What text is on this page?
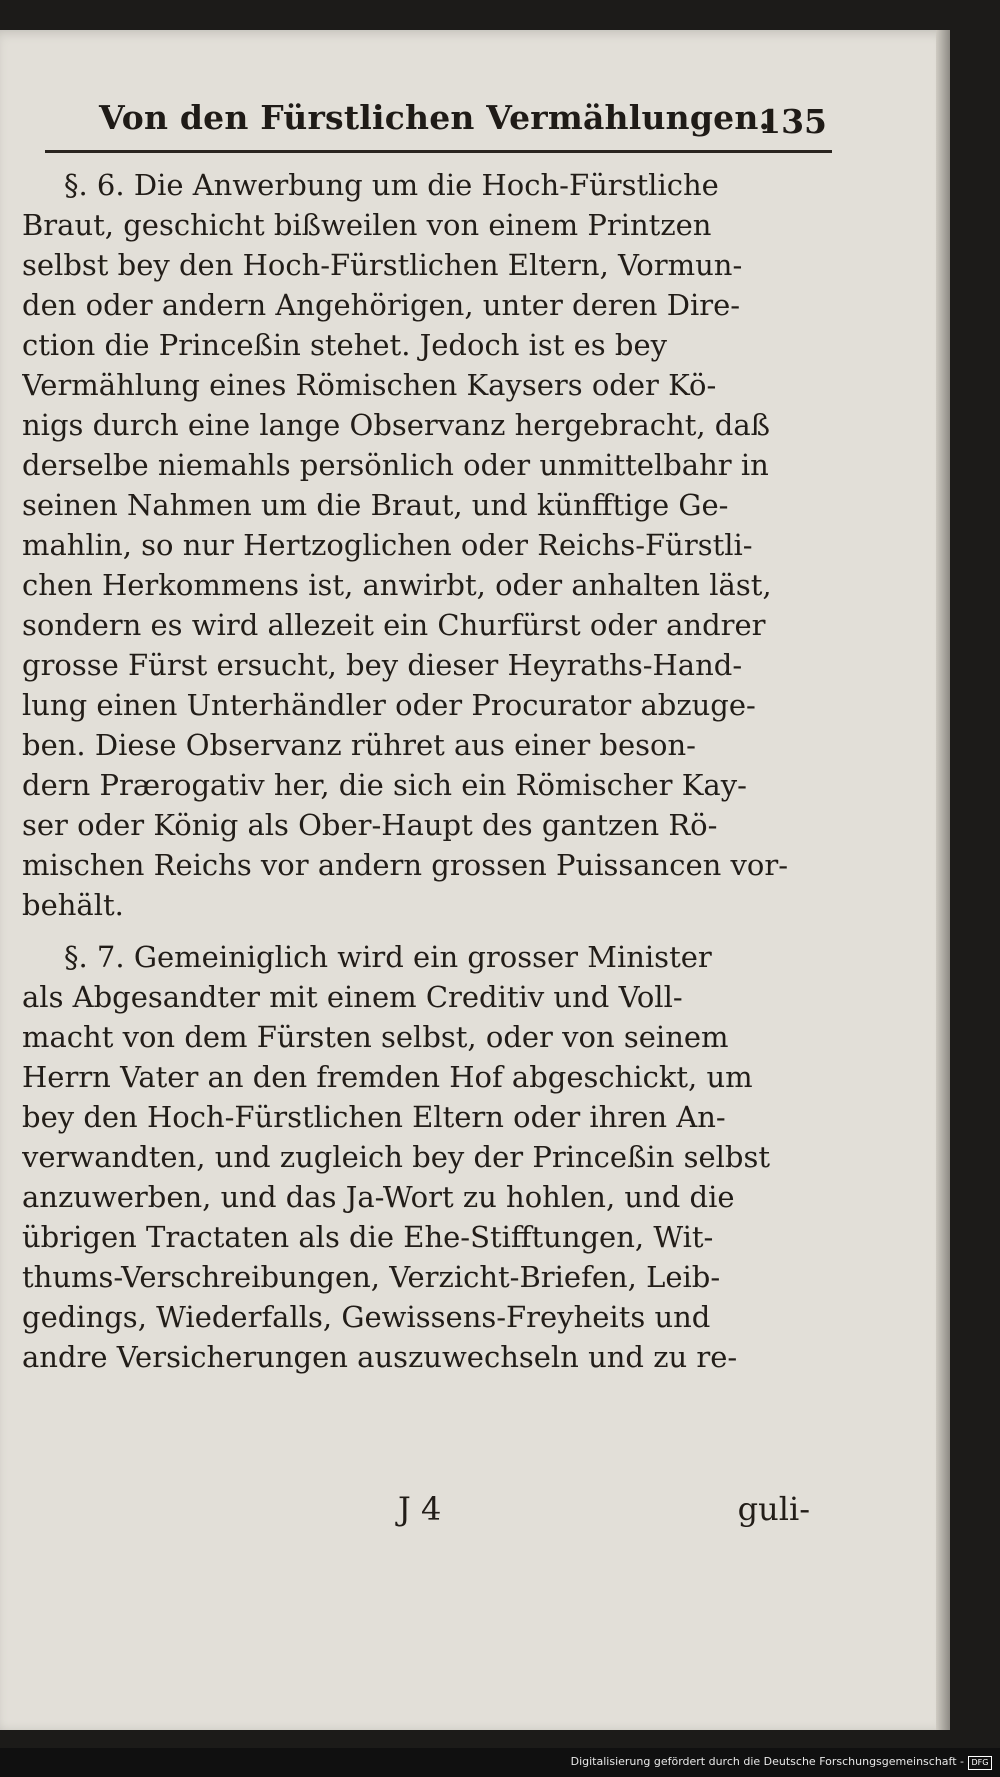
Von den Fürstlichen Vermählungen.
135
§. 6. Die Anwerbung um die Hoch-Fürstliche
Braut, geschicht bißweilen von einem Printzen
selbst bey den Hoch-Fürstlichen Eltern, Vormun-
den oder andern Angehörigen, unter deren Dire-
ction die Princeßin stehet. Jedoch ist es bey
Vermählung eines Römischen Kaysers oder Kö-
nigs durch eine lange Observanz hergebracht, daß
derselbe niemahls persönlich oder unmittelbahr in
seinen Nahmen um die Braut, und künfftige Ge-
mahlin, so nur Hertzoglichen oder Reichs-Fürstli-
chen Herkommens ist, anwirbt, oder anhalten läst,
sondern es wird allezeit ein Churfürst oder andrer
grosse Fürst ersucht, bey dieser Heyraths-Hand-
lung einen Unterhändler oder Procurator abzuge-
ben. Diese Observanz rühret aus einer beson-
dern Prærogativ her, die sich ein Römischer Kay-
ser oder König als Ober-Haupt des gantzen Rö-
mischen Reichs vor andern grossen Puissancen vor-
behält.
§. 7. Gemeiniglich wird ein grosser Minister
als Abgesandter mit einem Creditiv und Voll-
macht von dem Fürsten selbst, oder von seinem
Herrn Vater an den fremden Hof abgeschickt, um
bey den Hoch-Fürstlichen Eltern oder ihren An-
verwandten, und zugleich bey der Princeßin selbst
anzuwerben, und das Ja-Wort zu hohlen, und die
übrigen Tractaten als die Ehe-Stifftungen, Wit-
thums-Verschreibungen, Verzicht-Briefen, Leib-
gedings, Wiederfalls, Gewissens-Freyheits und
andre Versicherungen auszuwechseln und zu re-
J 4	guli-
Digitalisierung gefördert durch die Deutsche Forschungsgemeinschaft - DFG
